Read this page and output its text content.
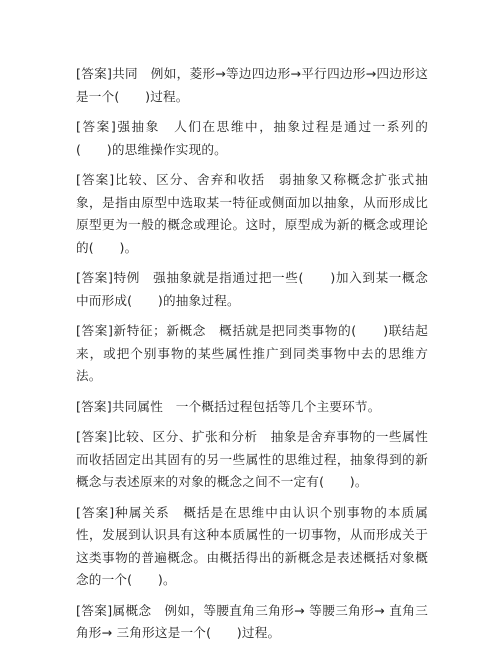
[答案]共同　例如，菱形→等边四边形→平行四边形→四边形这是一个(　　)过程。

[答案]强抽象　人们在思维中，抽象过程是通过一系列的(　　)的思维操作实现的。

[答案]比较、区分、舍弃和收括　弱抽象又称概念扩张式抽象，是指由原型中选取某一特征或侧面加以抽象，从而形成比原型更为一般的概念或理论。这时，原型成为新的概念或理论的(　　)。

[答案]特例　强抽象就是指通过把一些(　　)加入到某一概念中而形成(　　)的抽象过程。

[答案]新特征；新概念　概括就是把同类事物的(　　)联结起来，或把个别事物的某些属性推广到同类事物中去的思维方法。

[答案]共同属性　一个概括过程包括等几个主要环节。

[答案]比较、区分、扩张和分析　抽象是舍弃事物的一些属性而收括固定出其固有的另一些属性的思维过程，抽象得到的新概念与表述原来的对象的概念之间不一定有(　　)。

[答案]种属关系　概括是在思维中由认识个别事物的本质属性，发展到认识具有这种本质属性的一切事物，从而形成关于这类事物的普遍概念。由概括得出的新概念是表述概括对象概念的一个(　　)。

[答案]属概念　例如，等腰直角三角形→ 等腰三角形→ 直角三角形→ 三角形这是一个(　　)过程。
